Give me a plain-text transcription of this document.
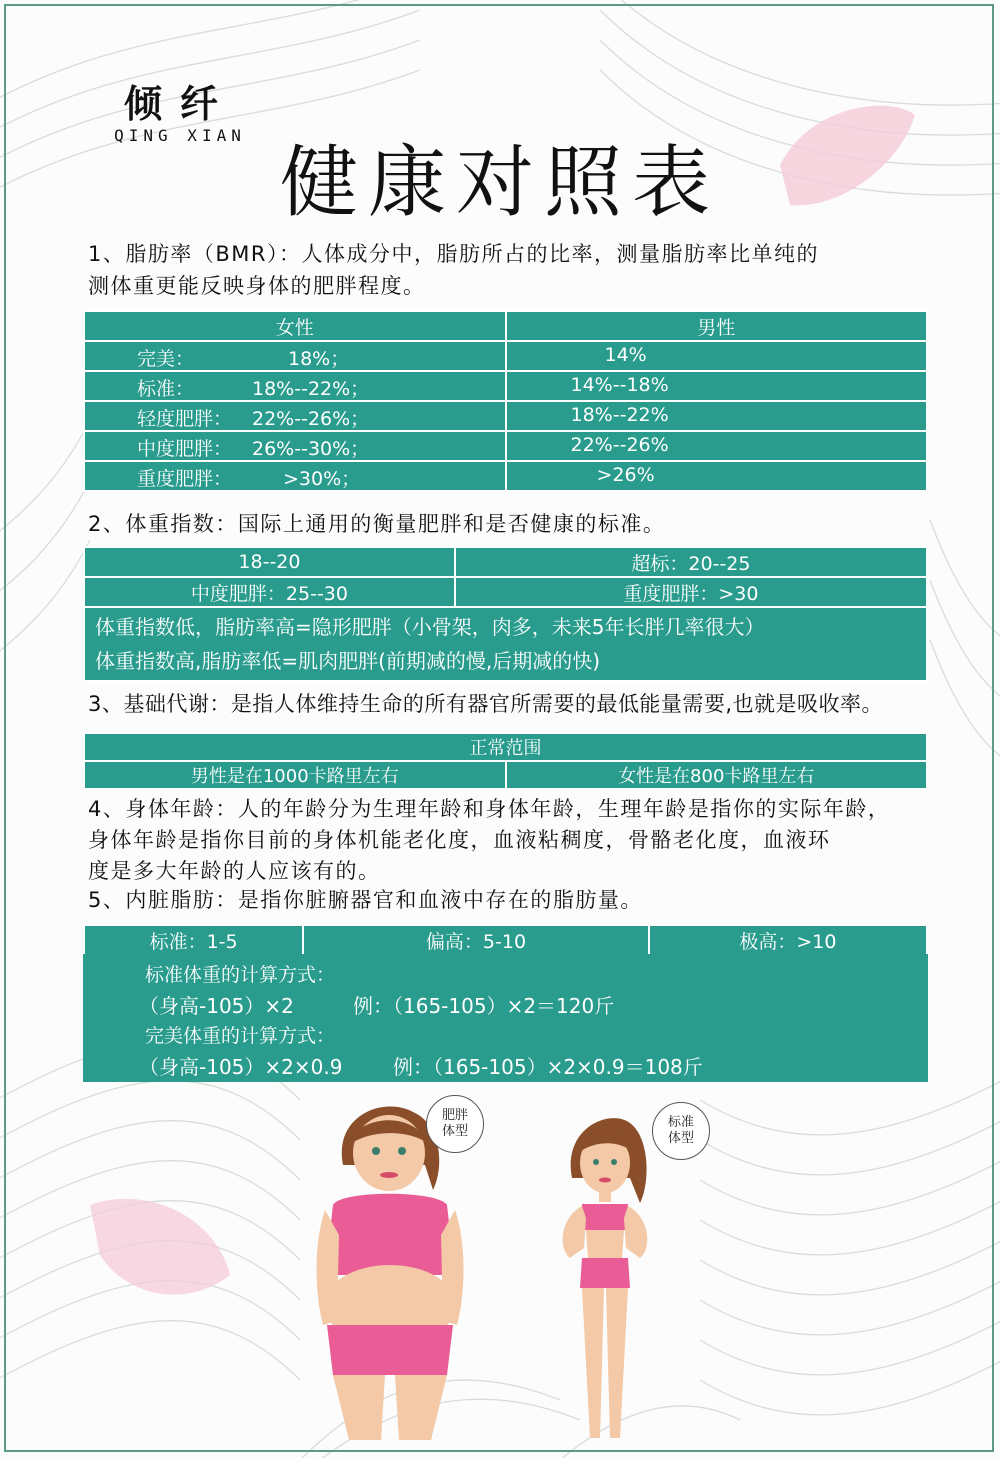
倾纤
QING XIAN
健康对照表
1、脂肪率（BMR）：人体成分中，脂肪所占的比率，测量脂肪率比单纯的
测体重更能反映身体的肥胖程度。
女性	男性

完美： 18%；	14%

标准： 18%--22%；	14%--18%

轻度肥胖： 22%--26%；	18%--22%

中度肥胖： 26%--30%；	22%--26%

重度肥胖： >30%；	>26%
2、体重指数：国际上通用的衡量肥胖和是否健康的标准。
18--20	超标：20--25
中度肥胖：25--30	重度肥胖：>30

体重指数低，脂肪率高=隐形肥胖（小骨架，肉多，未来5年长胖几率很大）
体重指数高,脂肪率低=肌肉肥胖(前期减的慢,后期减的快)	
3、基础代谢：是指人体维持生命的所有器官所需要的最低能量需要,也就是吸收率。
正常范围
男性是在1000卡路里左右	女性是在800卡路里左右
4、身体年龄：人的年龄分为生理年龄和身体年龄，生理年龄是指你的实际年龄，
身体年龄是指你目前的身体机能老化度，血液粘稠度，骨骼老化度，血液环
度是多大年龄的人应该有的。
5、内脏脂肪：是指你脏腑器官和血液中存在的脂肪量。
标准：1-5	偏高：5-10	极高：>10
标准体重的计算方式：
（身高-105）×2	例：（165-105）×2＝120斤
完美体重的计算方式：
（身高-105）×2×0.9	例：（165-105）×2×0.9＝108斤
肥胖
体型
标准
体型
